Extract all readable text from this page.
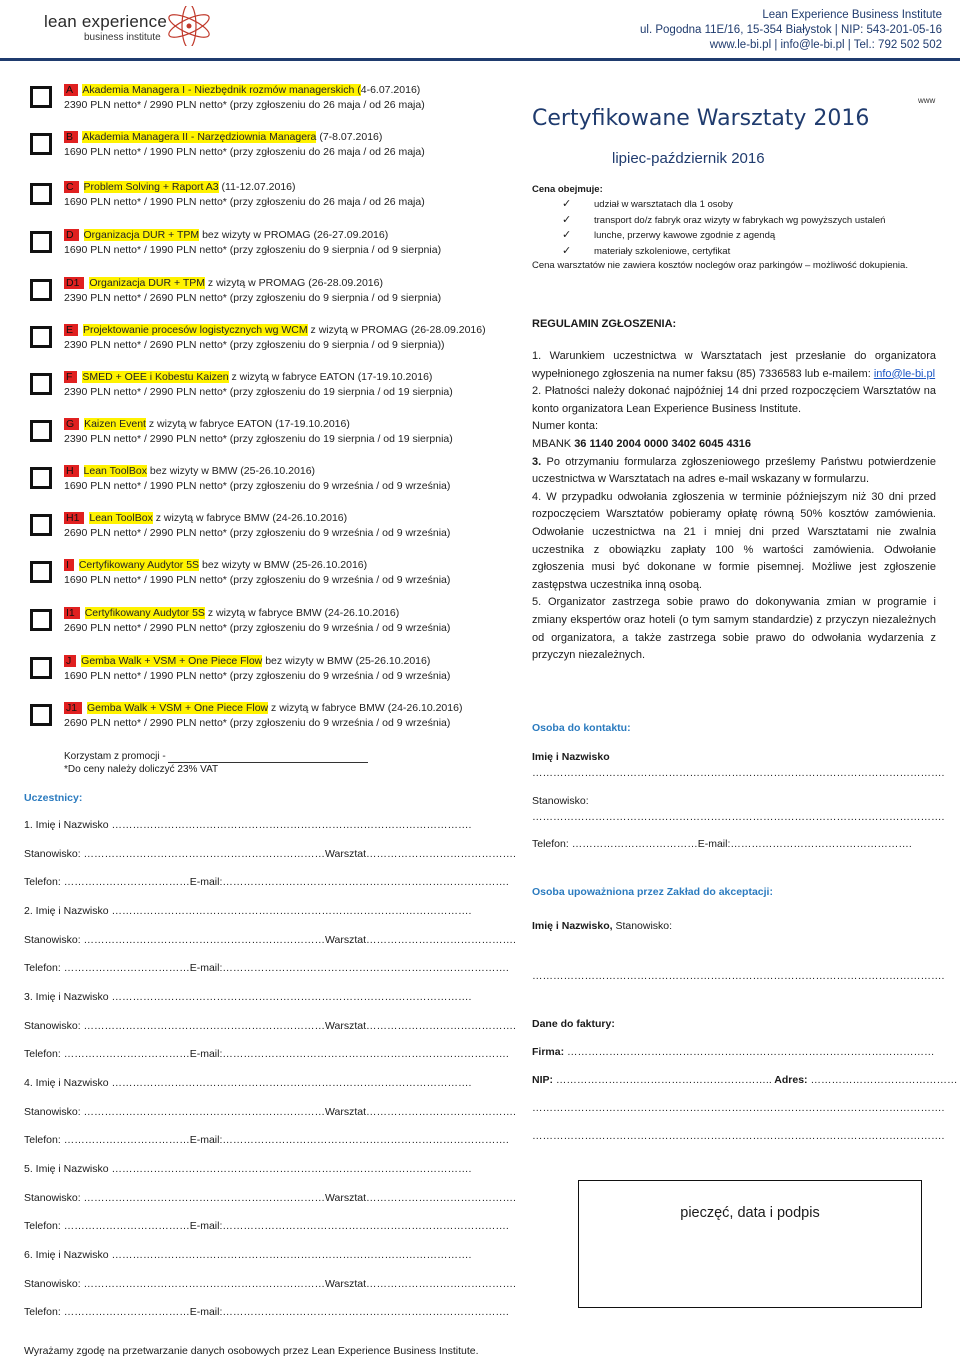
lean experience
business institute
Lean Experience Business Institute
ul. Pogodna 11E/16, 15-354 Białystok | NIP: 543-201-05-16
www.le-bi.pl | info@le-bi.pl | Tel.: 792 502 502
A Akademia Managera I - Niezbędnik rozmów managerskich (4-6.07.2016)
2390 PLN netto* / 2990 PLN netto* (przy zgłoszeniu do 26 maja / od 26 maja)
B Akademia Managera II - Narzędziownia Managera (7-8.07.2016)
1690 PLN netto* / 1990 PLN netto* (przy zgłoszeniu do 26 maja / od 26 maja)
C Problem Solving + Raport A3 (11-12.07.2016)
1690 PLN netto* / 1990 PLN netto* (przy zgłoszeniu do 26 maja / od 26 maja)
D Organizacja DUR + TPM bez wizyty w PROMAG (26-27.09.2016)
1690 PLN netto* / 1990 PLN netto* (przy zgłoszeniu do 9 sierpnia / od 9 sierpnia)
D1 Organizacja DUR + TPM z wizytą w PROMAG (26-28.09.2016)
2390 PLN netto* / 2690 PLN netto* (przy zgłoszeniu do 9 sierpnia / od 9 sierpnia)
E Projektowanie procesów logistycznych wg WCM z wizytą w PROMAG (26-28.09.2016)
2390 PLN netto* / 2690 PLN netto* (przy zgłoszeniu do 9 sierpnia / od 9 sierpnia))
F SMED + OEE i Kobestu Kaizen z wizytą w fabryce EATON (17-19.10.2016)
2390 PLN netto* / 2990 PLN netto* (przy zgłoszeniu do 19 sierpnia / od 19 sierpnia)
G Kaizen Event z wizytą w fabryce EATON (17-19.10.2016)
2390 PLN netto* / 2990 PLN netto* (przy zgłoszeniu do 19 sierpnia / od 19 sierpnia)
H Lean ToolBox bez wizyty w BMW (25-26.10.2016)
1690 PLN netto* / 1990 PLN netto* (przy zgłoszeniu do 9 września / od 9 września)
H1 Lean ToolBox z wizytą w fabryce BMW (24-26.10.2016)
2690 PLN netto* / 2990 PLN netto* (przy zgłoszeniu do 9 września / od 9 września)
I Certyfikowany Audytor 5S bez wizyty w BMW (25-26.10.2016)
1690 PLN netto* / 1990 PLN netto* (przy zgłoszeniu do 9 września / od 9 września)
I1 Certyfikowany Audytor 5S z wizytą w fabryce BMW (24-26.10.2016)
2690 PLN netto* / 2990 PLN netto* (przy zgłoszeniu do 9 września / od 9 września)
J Gemba Walk + VSM + One Piece Flow bez wizyty w BMW (25-26.10.2016)
1690 PLN netto* / 1990 PLN netto* (przy zgłoszeniu do 9 września / od 9 września)
J1 Gemba Walk + VSM + One Piece Flow z wizytą w fabryce BMW (24-26.10.2016)
2690 PLN netto* / 2990 PLN netto* (przy zgłoszeniu do 9 września / od 9 września)
Korzystam z promocji -
*Do ceny należy doliczyć 23% VAT
Uczestnicy:
1. Imię i Nazwisko ………………………………………………………………………………………….
Stanowisko: ……………………………………………………………Warsztat…………………………………….
Telefon: ………………………………E-mail:……………………………………………………………………….
2. Imię i Nazwisko ………………………………………………………………………………………….
Stanowisko: ……………………………………………………………Warsztat…………………………………….
Telefon: ………………………………E-mail:……………………………………………………………………….
3. Imię i Nazwisko ………………………………………………………………………………………….
Stanowisko: ……………………………………………………………Warsztat…………………………………….
Telefon: ………………………………E-mail:……………………………………………………………………….
4. Imię i Nazwisko ………………………………………………………………………………………….
Stanowisko: ……………………………………………………………Warsztat…………………………………….
Telefon: ………………………………E-mail:……………………………………………………………………….
5. Imię i Nazwisko ………………………………………………………………………………………….
Stanowisko: ……………………………………………………………Warsztat…………………………………….
Telefon: ………………………………E-mail:……………………………………………………………………….
6. Imię i Nazwisko ………………………………………………………………………………………….
Stanowisko: ……………………………………………………………Warsztat…………………………………….
Telefon: ………………………………E-mail:……………………………………………………………………….
Wyrażamy zgodę na przetwarzanie danych osobowych przez Lean Experience Business Institute.
www
Certyfikowane Warsztaty 2016
lipiec-październik 2016
Cena obejmuje:
✓ udział w warsztatach dla 1 osoby
✓ transport do/z fabryk oraz wizyty w fabrykach wg powyższych ustaleń
✓ lunche, przerwy kawowe zgodnie z agendą
✓ materiały szkoleniowe, certyfikat
Cena warsztatów nie zawiera kosztów noclegów oraz parkingów – możliwość dokupienia.
REGULAMIN ZGŁOSZENIA:

1. Warunkiem uczestnictwa w Warsztatach jest przesłanie do organizatora wypełnionego zgłoszenia na numer faksu (85) 7336583 lub e-mailem: info@le-bi.pl

2. Płatności należy dokonać najpóźniej 14 dni przed rozpoczęciem Warsztatów na konto organizatora Lean Experience Business Institute.

Numer konta:

MBANK 36 1140 2004 0000 3402 6045 4316

3. Po otrzymaniu formularza zgłoszeniowego prześlemy Państwu potwierdzenie uczestnictwa w Warsztatach na adres e-mail wskazany w formularzu.

4. W przypadku odwołania zgłoszenia w terminie późniejszym niż 30 dni przed rozpoczęciem Warsztatów pobieramy opłatę równą 50% kosztów zamówienia. Odwołanie uczestnictwa na 21 i mniej dni przed Warsztatami nie zwalnia uczestnika z obowiązku zapłaty 100 % wartości zamówienia. Odwołanie zgłoszenia musi być dokonane w formie pisemnej. Możliwe jest zgłoszenie zastępstwa uczestnika inną osobą.

5. Organizator zastrzega sobie prawo do dokonywania zmian w programie i zmiany ekspertów oraz hoteli (o tym samym standardzie) z przyczyn niezależnych od organizatora, a także zastrzega sobie prawo do odwołania wydarzenia z przyczyn niezależnych.

Osoba do kontaktu:
Imię i Nazwisko
……………………………………………………………………………………………………….
Stanowisko:
……………………………………………………………………………………………………….
Telefon: ………………………………E-mail:…………………………………………….
Osoba upoważniona przez Zakład do akceptacji:
Imię i Nazwisko, Stanowisko:
……………………………………………………………………………………………………….
Dane do faktury:
Firma: ……………………………………………………………………………………………
NIP: …………………………………………………….. Adres: ……………………………………
……………………………………………………………………………………………………….
……………………………………………………………………………………………………….
pieczęć, data i podpis
